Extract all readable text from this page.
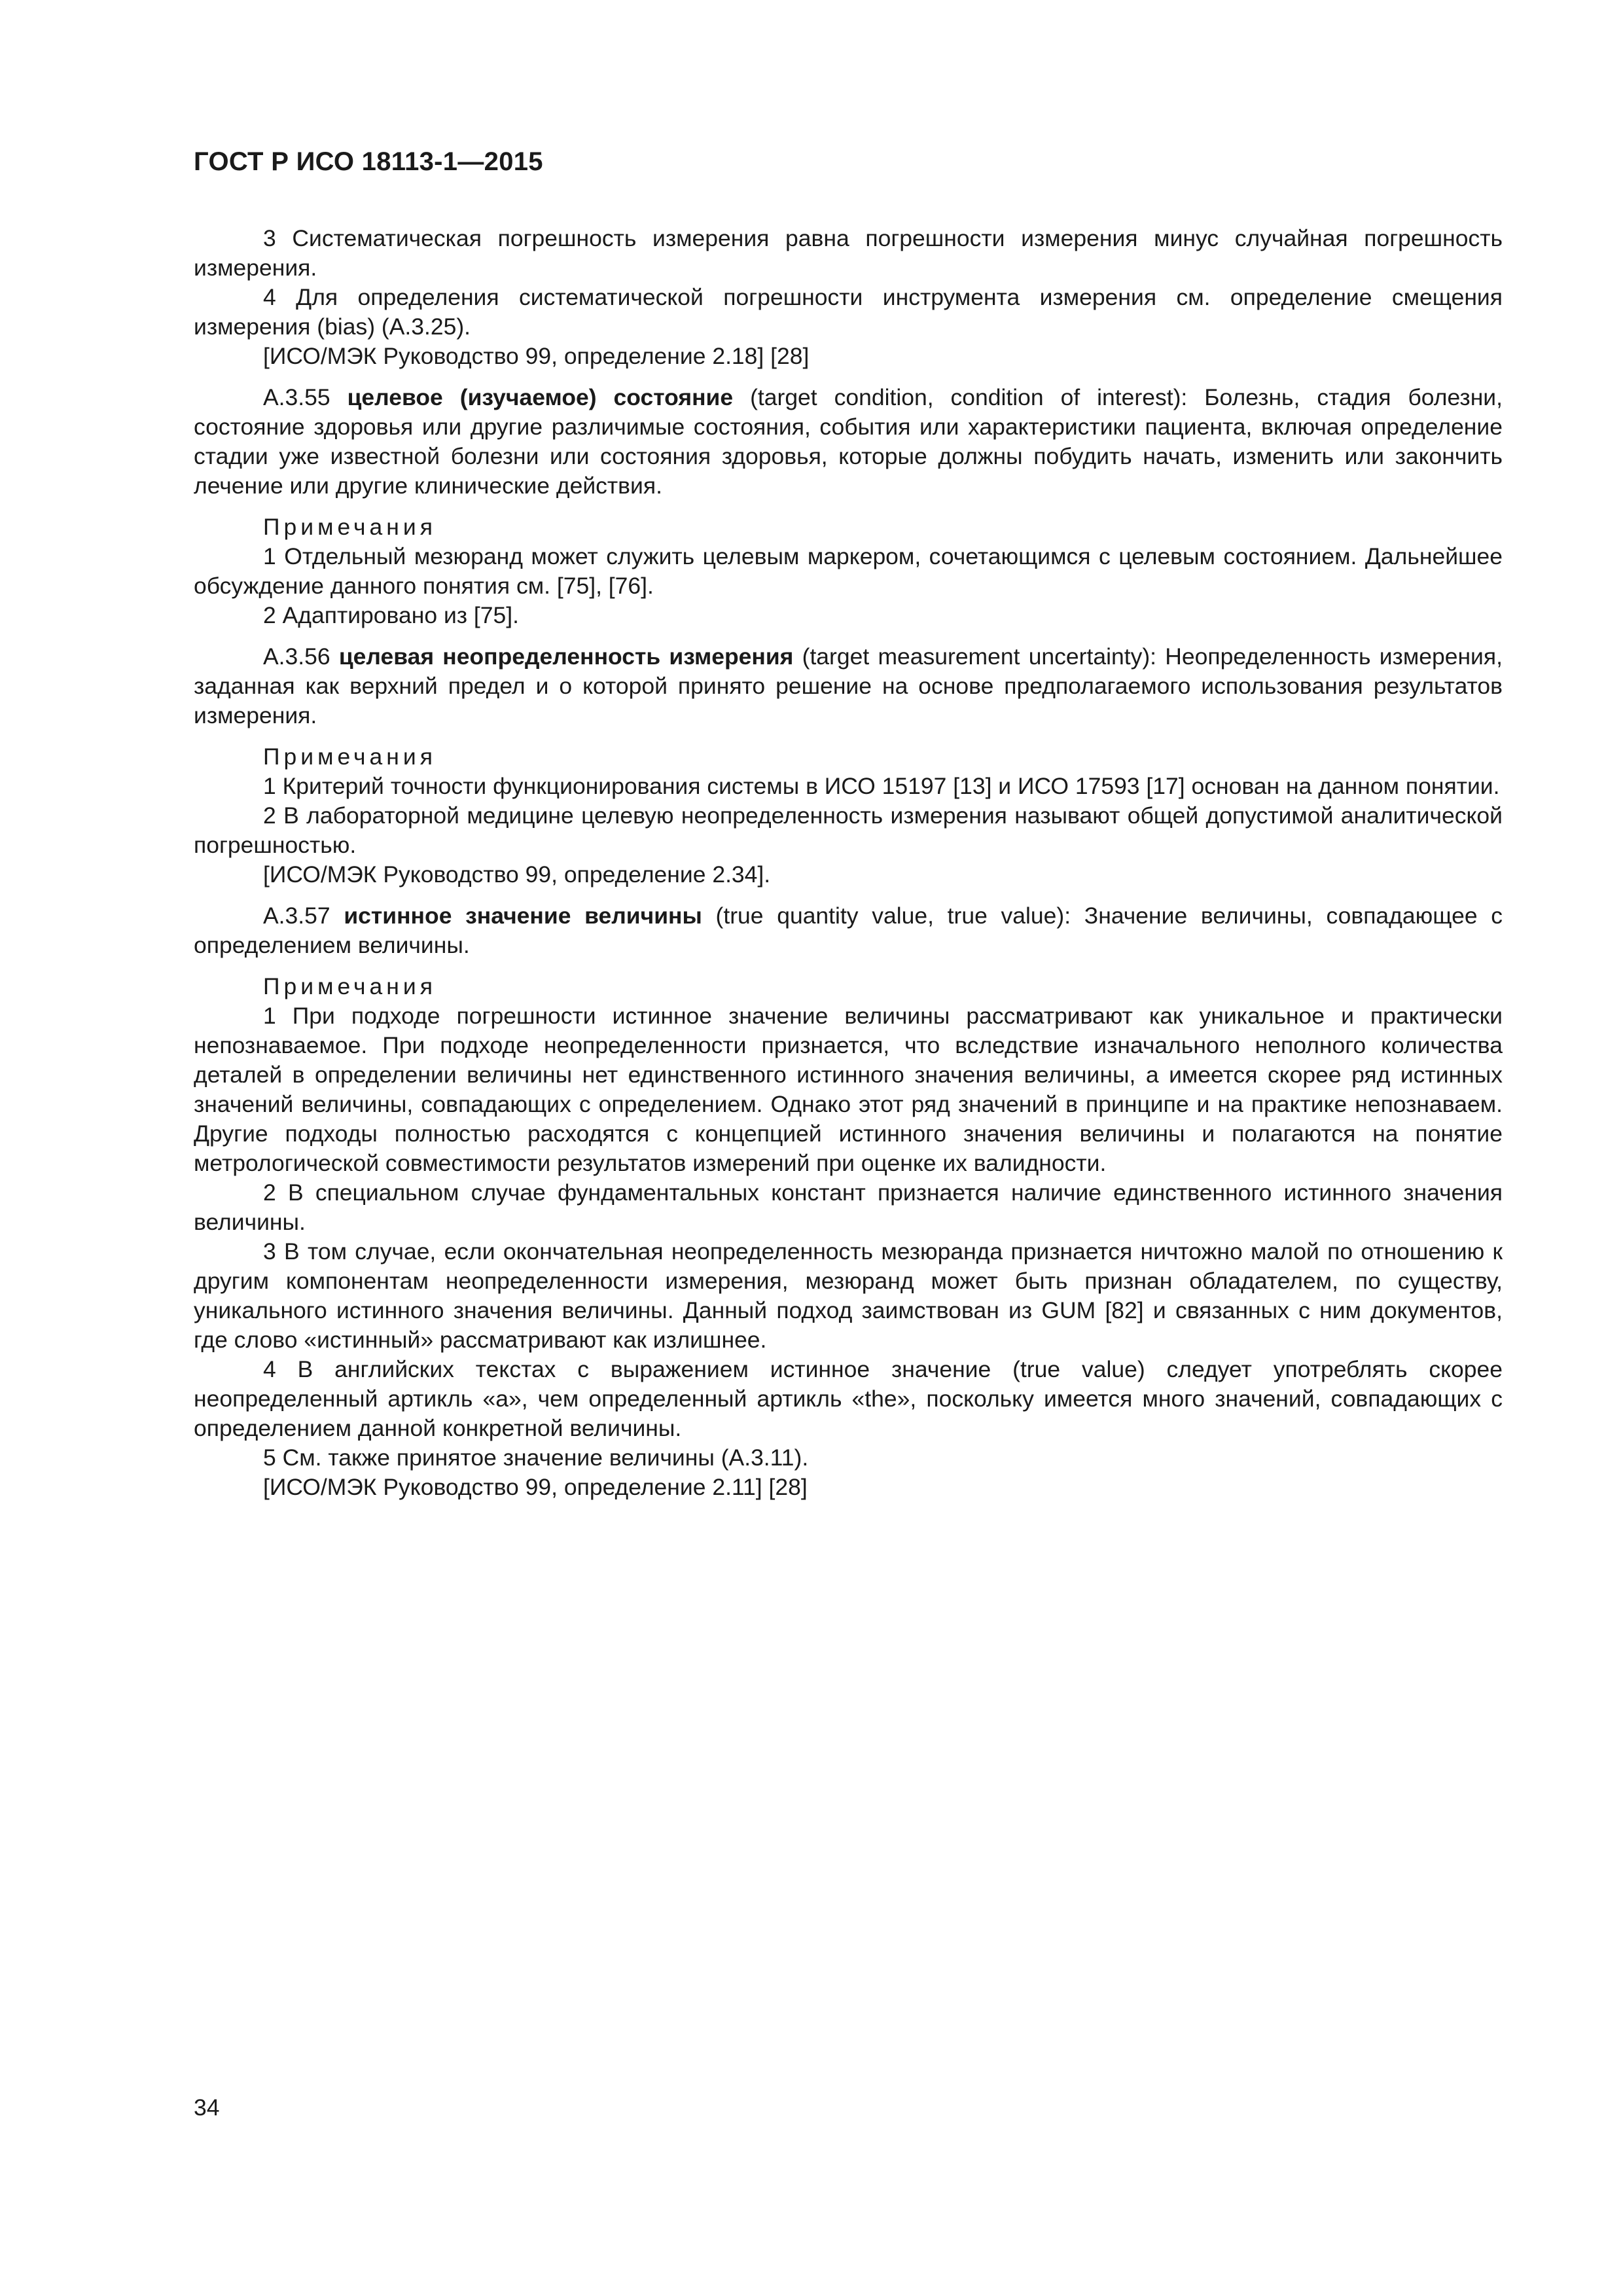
ГОСТ Р ИСО 18113-1—2015

3 Систематическая погрешность измерения равна погрешности измерения минус случайная погрешность измерения.

4 Для определения систематической погрешности инструмента измерения см. определение смещения измерения (bias) (А.3.25).

[ИСО/МЭК Руководство 99, определение 2.18] [28]

А.3.55 целевое (изучаемое) состояние (target condition, condition of interest): Болезнь, стадия болезни, состояние здоровья или другие различимые состояния, события или характеристики пациента, включая определение стадии уже известной болезни или состояния здоровья, которые должны побудить начать, изменить или закончить лечение или другие клинические действия.

Примечания

1 Отдельный мезюранд может служить целевым маркером, сочетающимся с целевым состоянием. Дальнейшее обсуждение данного понятия см. [75], [76].

2 Адаптировано из [75].

А.3.56 целевая неопределенность измерения (target measurement uncertainty): Неопределенность измерения, заданная как верхний предел и о которой принято решение на основе предполагаемого использования результатов измерения.

Примечания

1 Критерий точности функционирования системы в ИСО 15197 [13] и ИСО 17593 [17] основан на данном понятии.

2 В лабораторной медицине целевую неопределенность измерения называют общей допустимой аналитической погрешностью.

[ИСО/МЭК Руководство 99, определение 2.34].

А.3.57 истинное значение величины (true quantity value, true value): Значение величины, совпадающее с определением величины.

Примечания

1 При подходе погрешности истинное значение величины рассматривают как уникальное и практически непознаваемое. При подходе неопределенности признается, что вследствие изначального неполного количества деталей в определении величины нет единственного истинного значения величины, а имеется скорее ряд истинных значений величины, совпадающих с определением. Однако этот ряд значений в принципе и на практике непознаваем. Другие подходы полностью расходятся с концепцией истинного значения величины и полагаются на понятие метрологической совместимости результатов измерений при оценке их валидности.

2 В специальном случае фундаментальных констант признается наличие единственного истинного значения величины.

3 В том случае, если окончательная неопределенность мезюранда признается ничтожно малой по отношению к другим компонентам неопределенности измерения, мезюранд может быть признан обладателем, по существу, уникального истинного значения величины. Данный подход заимствован из GUM [82] и связанных с ним документов, где слово «истинный» рассматривают как излишнее.

4 В английских текстах с выражением истинное значение (true value) следует употреблять скорее неопределенный артикль «а», чем определенный артикль «the», поскольку имеется много значений, совпадающих с определением данной конкретной величины.

5 См. также принятое значение величины (А.3.11).

[ИСО/МЭК Руководство 99, определение 2.11] [28]

34
